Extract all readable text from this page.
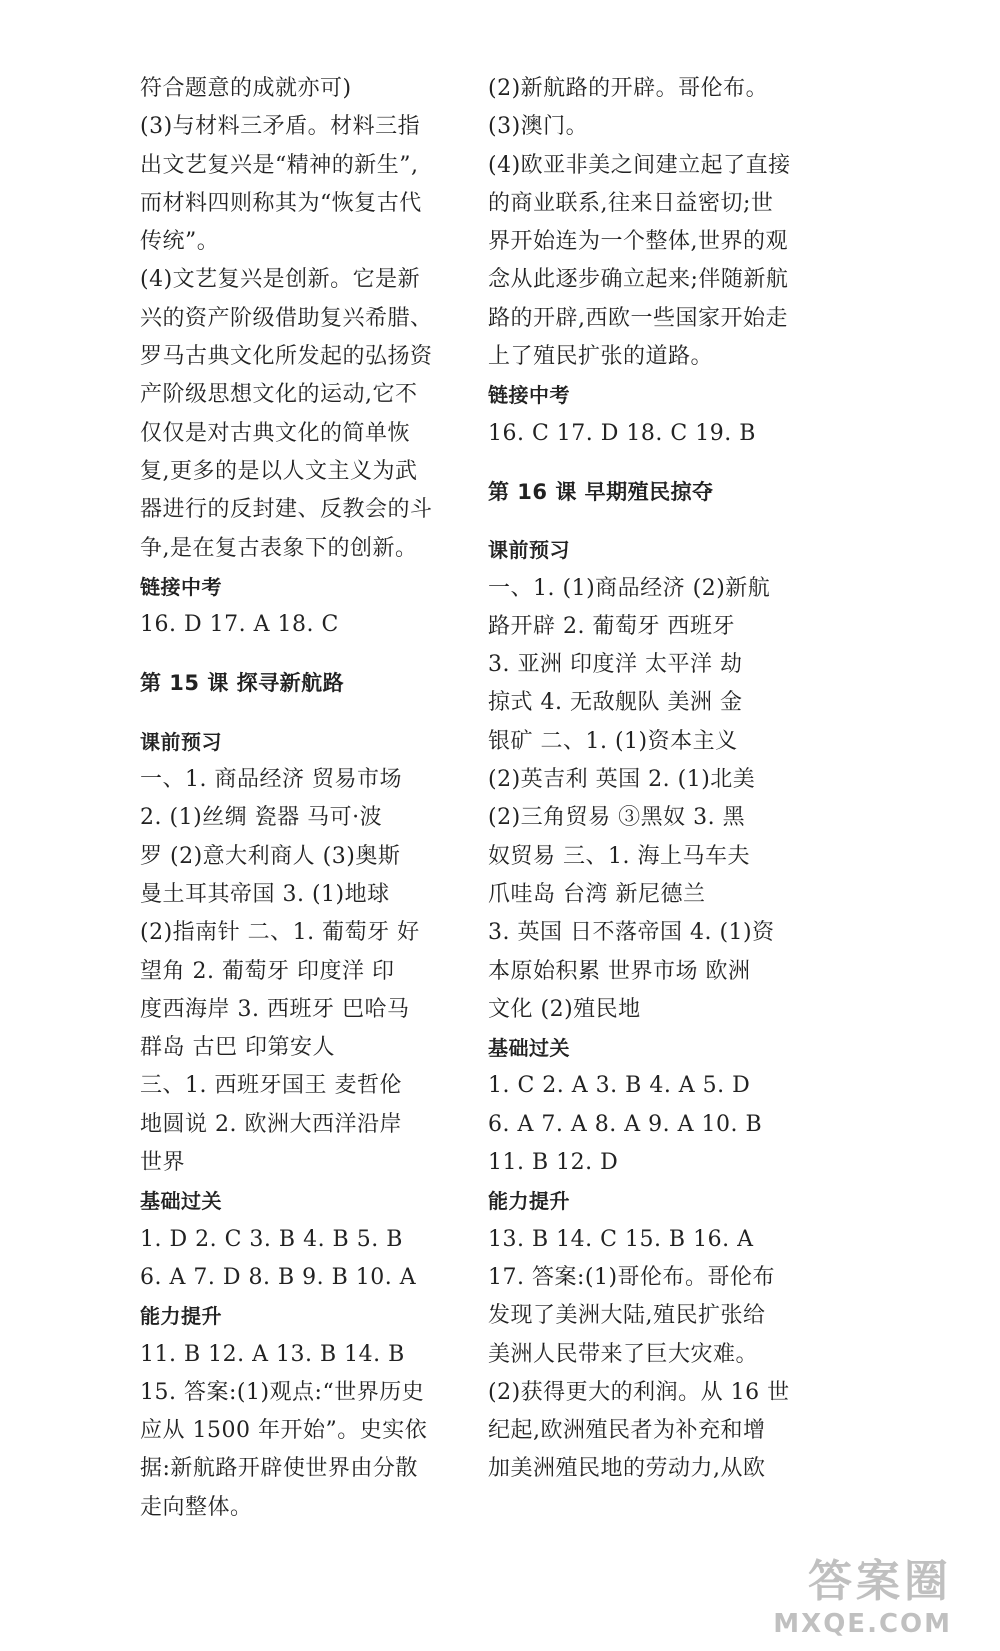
符合题意的成就亦可)
(3)与材料三矛盾。材料三指
出文艺复兴是“精神的新生”,
而材料四则称其为“恢复古代
传统”。
(4)文艺复兴是创新。它是新
兴的资产阶级借助复兴希腊、
罗马古典文化所发起的弘扬资
产阶级思想文化的运动,它不
仅仅是对古典文化的简单恢
复,更多的是以人文主义为武
器进行的反封建、反教会的斗
争,是在复古表象下的创新。
链接中考
16. D 17. A 18. C
第 15 课 探寻新航路
课前预习
一、1. 商品经济 贸易市场
2. (1)丝绸 瓷器 马可·波
罗 (2)意大利商人 (3)奥斯
曼土耳其帝国 3. (1)地球
(2)指南针 二、1. 葡萄牙 好
望角 2. 葡萄牙 印度洋 印
度西海岸 3. 西班牙 巴哈马
群岛 古巴 印第安人
三、1. 西班牙国王 麦哲伦
地圆说 2. 欧洲大西洋沿岸
世界
基础过关
1. D 2. C 3. B 4. B 5. B
6. A 7. D 8. B 9. B 10. A
能力提升
11. B 12. A 13. B 14. B
15. 答案:(1)观点:“世界历史
应从 1500 年开始”。史实依
据:新航路开辟使世界由分散
走向整体。
(2)新航路的开辟。哥伦布。
(3)澳门。
(4)欧亚非美之间建立起了直接
的商业联系,往来日益密切;世
界开始连为一个整体,世界的观
念从此逐步确立起来;伴随新航
路的开辟,西欧一些国家开始走
上了殖民扩张的道路。
链接中考
16. C 17. D 18. C 19. B
第 16 课 早期殖民掠夺
课前预习
一、1. (1)商品经济 (2)新航
路开辟 2. 葡萄牙 西班牙
3. 亚洲 印度洋 太平洋 劫
掠式 4. 无敌舰队 美洲 金
银矿 二、1. (1)资本主义
(2)英吉利 英国 2. (1)北美
(2)三角贸易 ③黑奴 3. 黑
奴贸易 三、1. 海上马车夫
爪哇岛 台湾 新尼德兰
3. 英国 日不落帝国 4. (1)资
本原始积累 世界市场 欧洲
文化 (2)殖民地
基础过关
1. C 2. A 3. B 4. A 5. D
6. A 7. A 8. A 9. A 10. B
11. B 12. D
能力提升
13. B 14. C 15. B 16. A
17. 答案:(1)哥伦布。哥伦布
发现了美洲大陆,殖民扩张给
美洲人民带来了巨大灾难。
(2)获得更大的利润。从 16 世
纪起,欧洲殖民者为补充和增
加美洲殖民地的劳动力,从欧
答案圈
MXQE.COM
